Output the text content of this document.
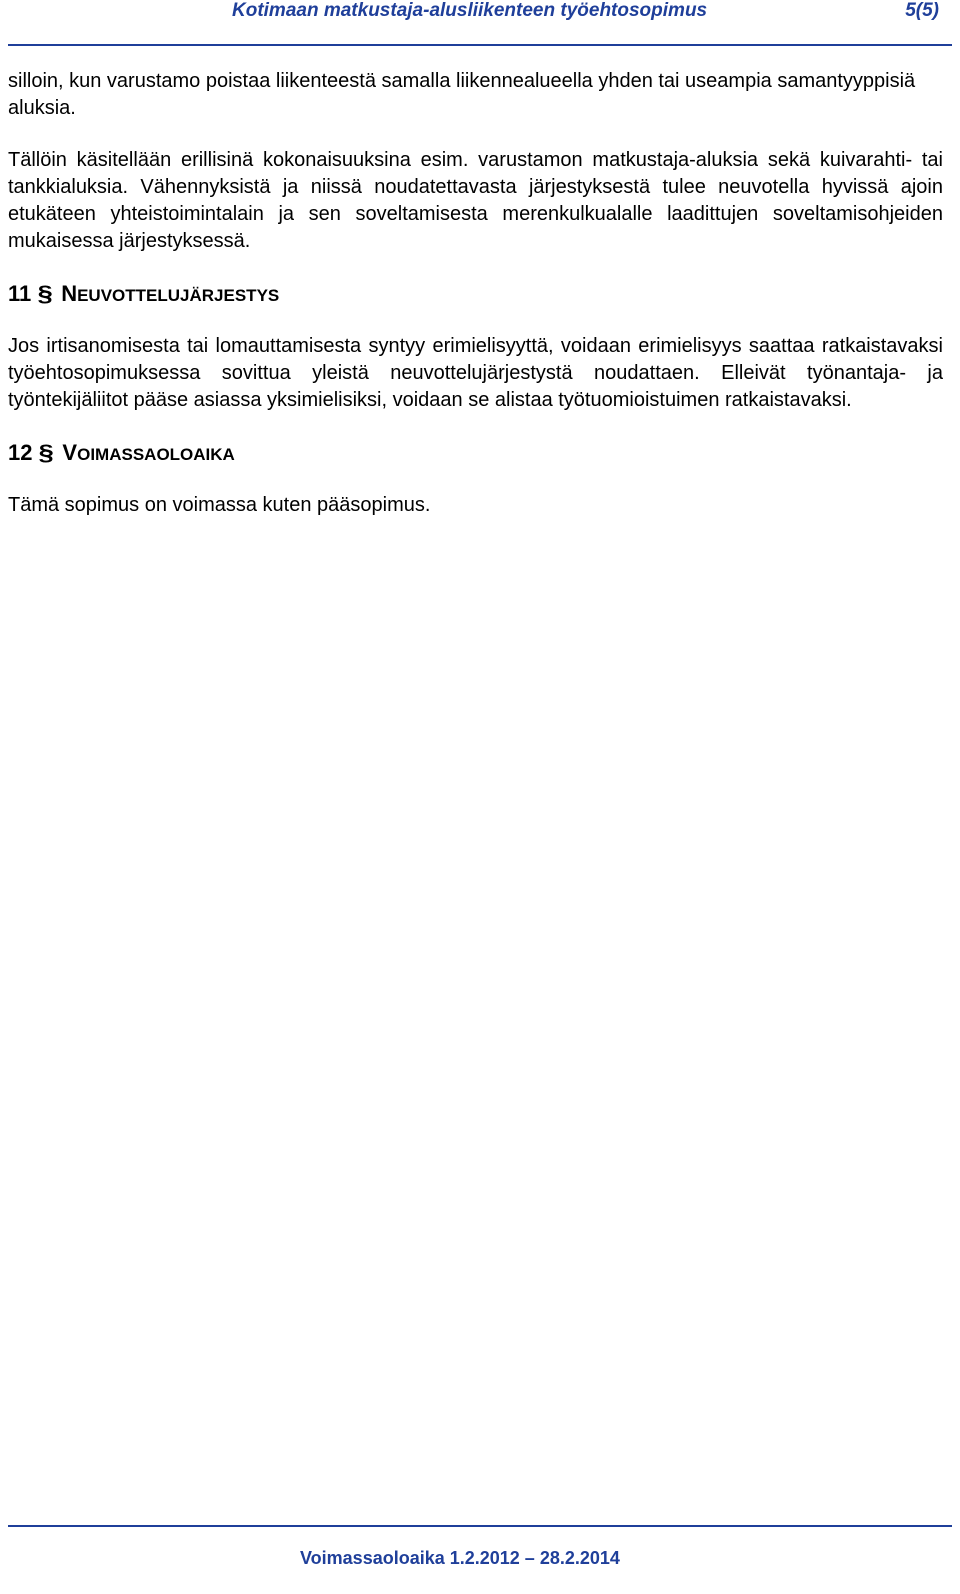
Kotimaan matkustaja-alusliikenteen työehtosopimus	5(5)

silloin, kun varustamo poistaa liikenteestä samalla liikennealueella yhden tai useampia samantyyppisiä aluksia.

Tällöin käsitellään erillisinä kokonaisuuksina esim. varustamon matkustaja-aluksia sekä kuivarahti- tai tankkialuksia. Vähennyksistä ja niissä noudatettavasta järjestyksestä tulee neuvotella hyvissä ajoin etukäteen yhteistoimintalain ja sen soveltamisesta merenkulkualalle laadittujen soveltamisohjeiden mukaisessa järjestyksessä.

11 § NEUVOTTELUJÄRJESTYS

Jos irtisanomisesta tai lomauttamisesta syntyy erimielisyyttä, voidaan erimielisyys saattaa ratkaistavaksi työehtosopimuksessa sovittua yleistä neuvottelujärjestystä noudattaen. Elleivät työnantaja- ja työntekijäliitot pääse asiassa yksimielisiksi, voidaan se alistaa työtuomioistuimen ratkaistavaksi.

12 § VOIMASSAOLOAIKA

Tämä sopimus on voimassa kuten pääsopimus.

Voimassaoloaika 1.2.2012 – 28.2.2014
